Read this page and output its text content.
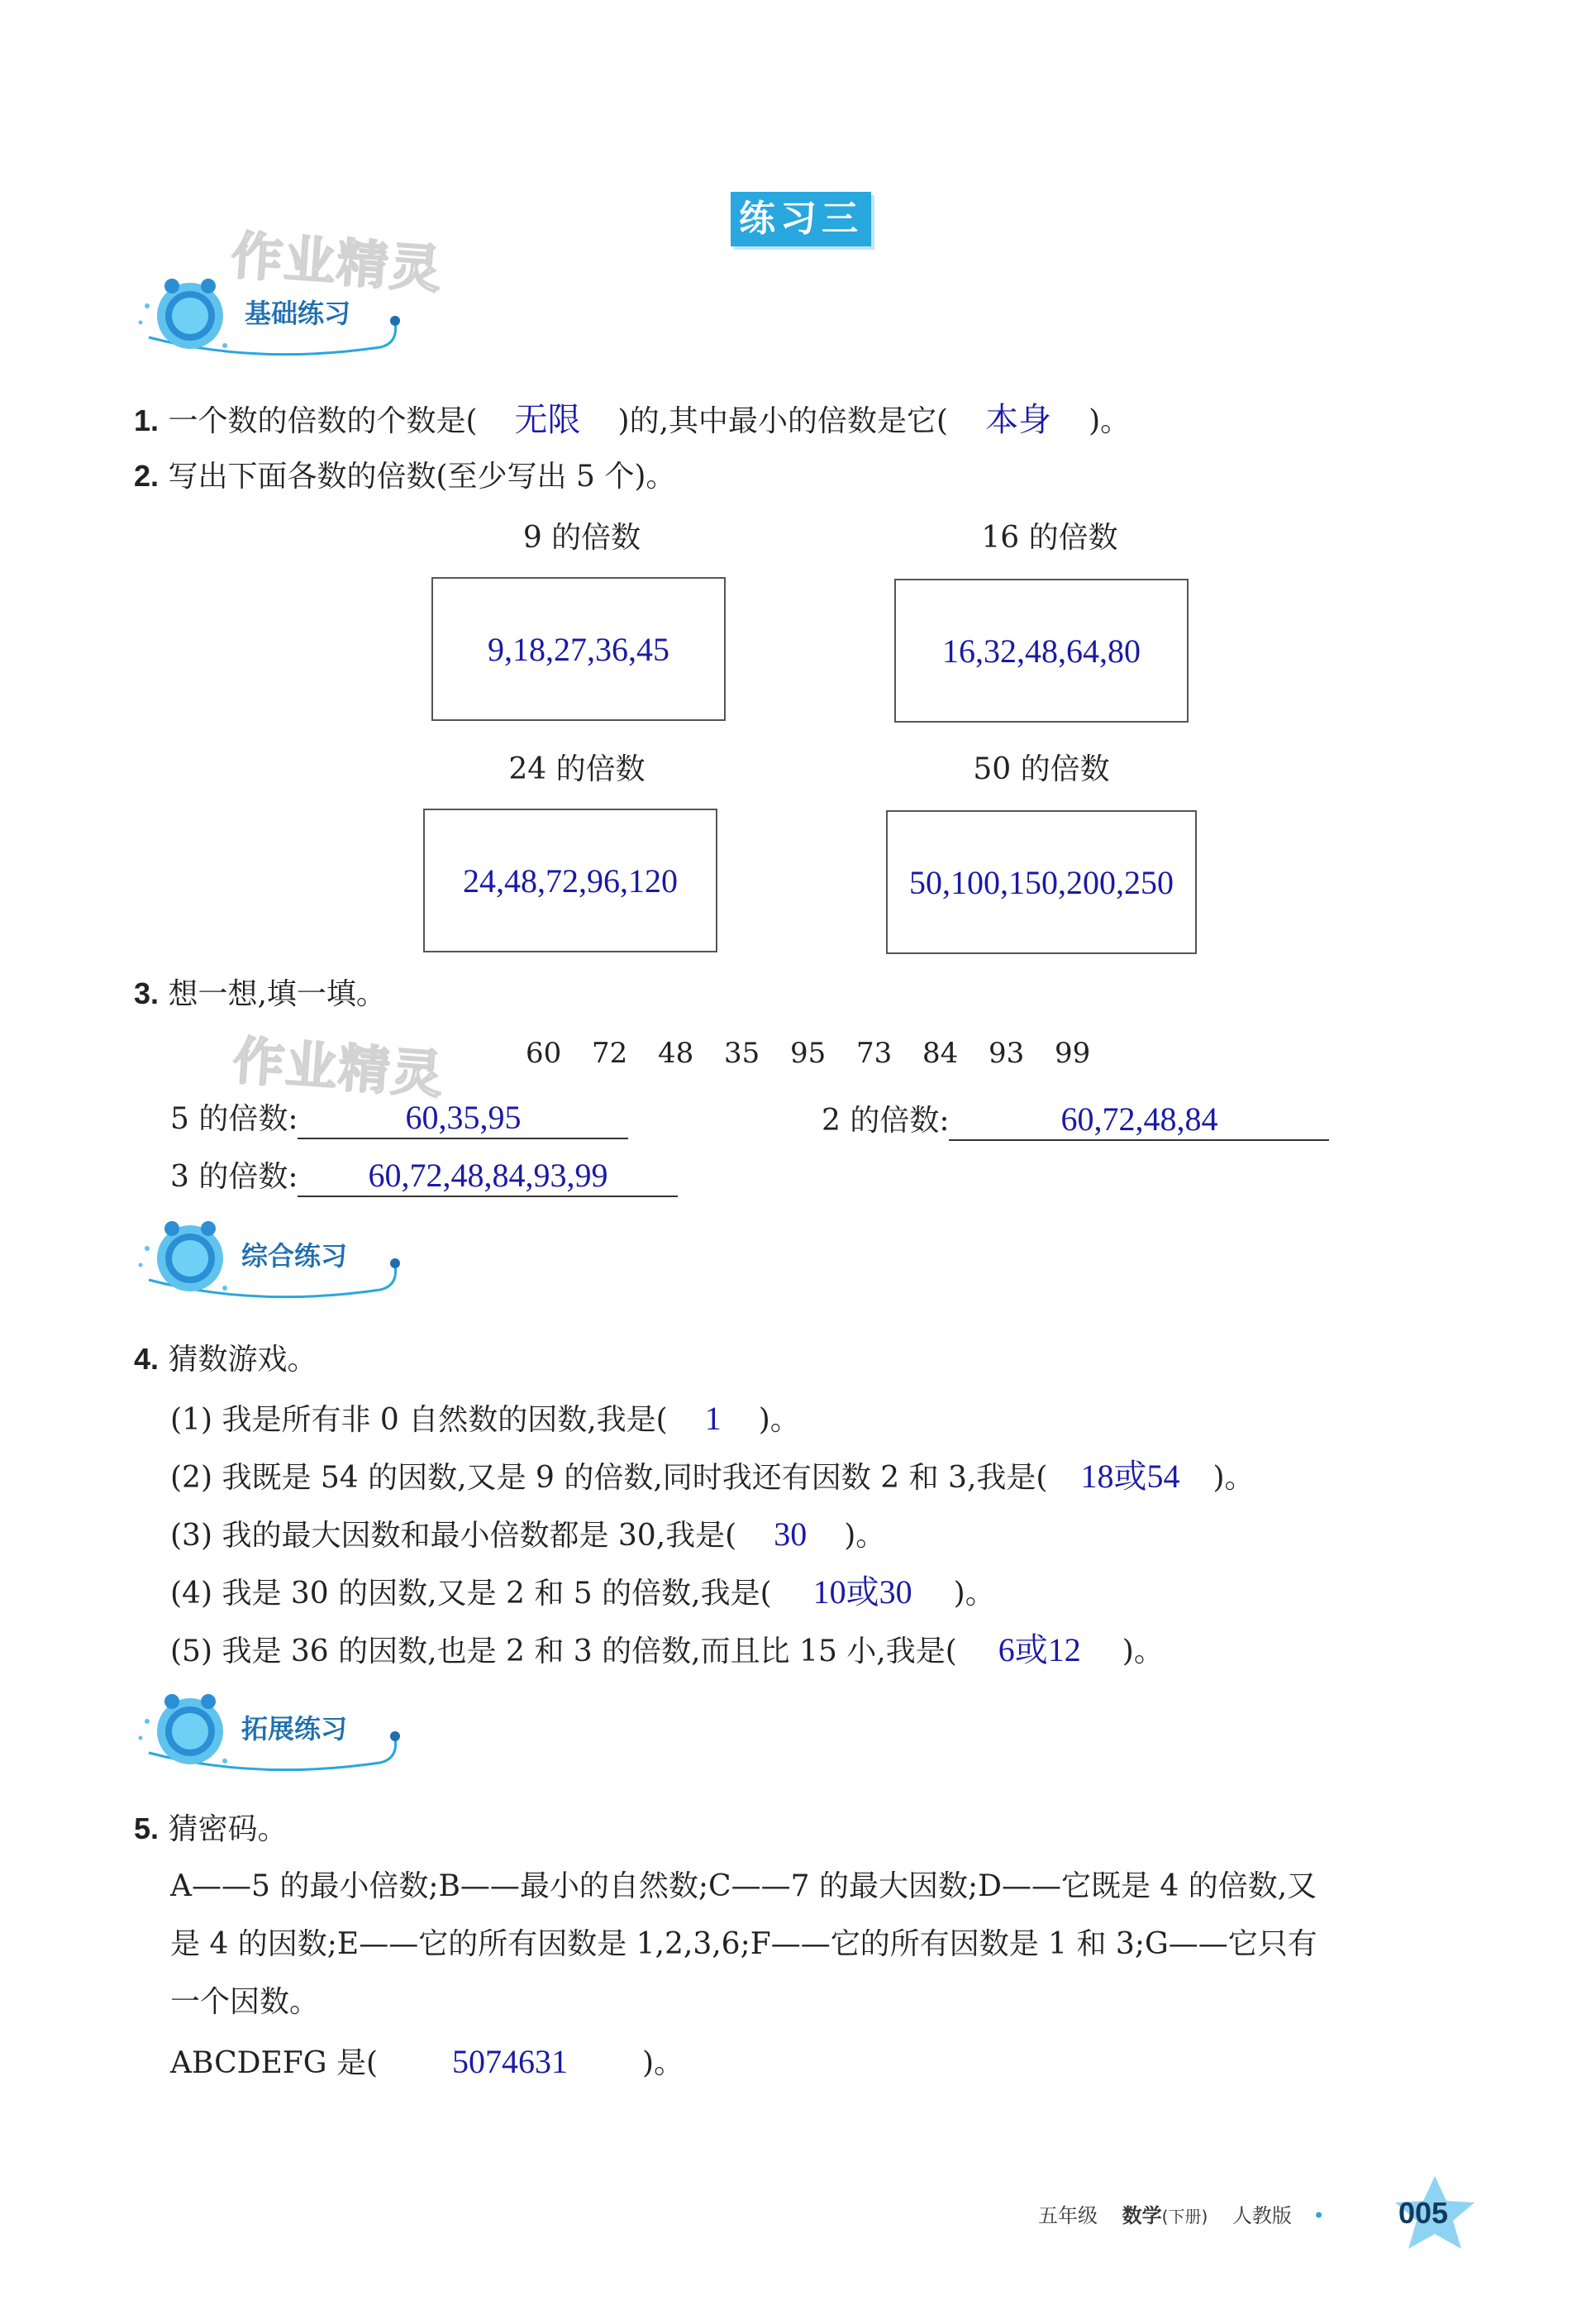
练习三
作业精灵
作业精灵
基础练习
1. 一个数的倍数的个数是( 无限 )的,其中最小的倍数是它( 本身 )。
2. 写出下面各数的倍数(至少写出 5 个)。
9 的倍数
9,18,27,36,45
16 的倍数
16,32,48,64,80
24 的倍数
24,48,72,96,120
50 的倍数
50,100,150,200,250
3. 想一想,填一填。
60 72 48 35 95 73 84 93 99
5 的倍数:	60,35,95	2 的倍数:	60,72,48,84
3 的倍数: 60,72,48,84,93,99
综合练习
4. 猜数游戏。
(1) 我是所有非 0 自然数的因数,我是( 1 )。
(2) 我既是 54 的因数,又是 9 的倍数,同时我还有因数 2 和 3,我是( 18或54 )。
(3) 我的最大因数和最小倍数都是 30,我是( 30 )。
(4) 我是 30 的因数,又是 2 和 5 的倍数,我是( 10或30 )。
(5) 我是 36 的因数,也是 2 和 3 的倍数,而且比 15 小,我是( 6或12 )。
拓展练习
5. 猜密码。
A——5 的最小倍数;B——最小的自然数;C——7 的最大因数;D——它既是 4 的倍数,又
是 4 的因数;E——它的所有因数是 1,2,3,6;F——它的所有因数是 1 和 3;G——它只有
一个因数。
ABCDEFG 是( 5074631	)。
五年级 数学(下册) 人教版 • 005
